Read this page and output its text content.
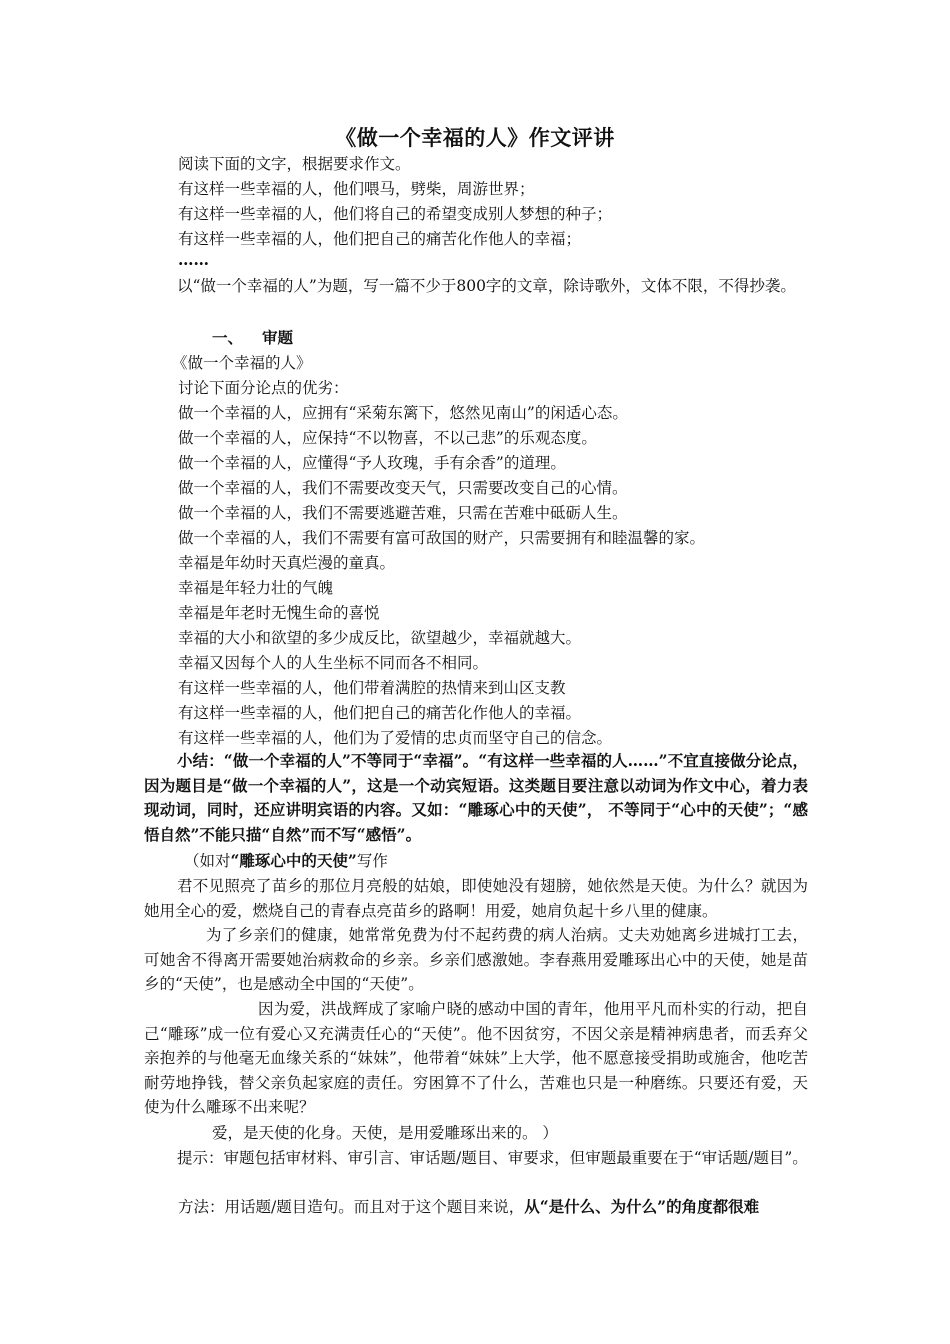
《做一个幸福的人》作文评讲
阅读下面的文字，根据要求作文。
有这样一些幸福的人，他们喂马，劈柴，周游世界；
有这样一些幸福的人，他们将自己的希望变成别人梦想的种子；
有这样一些幸福的人，他们把自己的痛苦化作他人的幸福；
……
以“做一个幸福的人”为题，写一篇不少于800字的文章，除诗歌外，文体不限，不得抄袭。
一、 审题
《做一个幸福的人》
讨论下面分论点的优劣：
做一个幸福的人，应拥有“采菊东篱下，悠然见南山”的闲适心态。
做一个幸福的人，应保持“不以物喜，不以己悲”的乐观态度。
做一个幸福的人，应懂得“予人玫瑰，手有余香”的道理。
做一个幸福的人，我们不需要改变天气，只需要改变自己的心情。
做一个幸福的人，我们不需要逃避苦难，只需在苦难中砥砺人生。
做一个幸福的人，我们不需要有富可敌国的财产，只需要拥有和睦温馨的家。
幸福是年幼时天真烂漫的童真。
幸福是年轻力壮的气魄
幸福是年老时无愧生命的喜悦
幸福的大小和欲望的多少成反比，欲望越少，幸福就越大。
幸福又因每个人的人生坐标不同而各不相同。
有这样一些幸福的人，他们带着满腔的热情来到山区支教
有这样一些幸福的人，他们把自己的痛苦化作他人的幸福。
有这样一些幸福的人，他们为了爱情的忠贞而坚守自己的信念。
小结：“做一个幸福的人”不等同于“幸福”。“有这样一些幸福的人……”不宜直接做分论点，因为题目是“做一个幸福的人”，这是一个动宾短语。这类题目要注意以动词为作文中心，着力表现动词，同时，还应讲明宾语的内容。又如：“雕琢心中的天使”， 不等同于“心中的天使”；“感悟自然”不能只描“自然”而不写“感悟”。
（如对“雕琢心中的天使”写作
君不见照亮了苗乡的那位月亮般的姑娘，即使她没有翅膀，她依然是天使。为什么？就因为她用全心的爱，燃烧自己的青春点亮苗乡的路啊！用爱，她肩负起十乡八里的健康。
为了乡亲们的健康，她常常免费为付不起药费的病人治病。丈夫劝她离乡进城打工去，可她舍不得离开需要她治病救命的乡亲。乡亲们感激她。李春燕用爱雕琢出心中的天使，她是苗乡的“天使”，也是感动全中国的“天使”。
因为爱，洪战辉成了家喻户晓的感动中国的青年，他用平凡而朴实的行动，把自己“雕琢”成一位有爱心又充满责任心的“天使”。他不因贫穷，不因父亲是精神病患者，而丢弃父亲抱养的与他毫无血缘关系的“妹妹”，他带着“妹妹”上大学，他不愿意接受捐助或施舍，他吃苦耐劳地挣钱，替父亲负起家庭的责任。穷困算不了什么，苦难也只是一种磨练。只要还有爱，天使为什么雕琢不出来呢？
爱，是天使的化身。天使，是用爱雕琢出来的。 ）
提示：审题包括审材料、审引言、审话题/题目、审要求，但审题最重要在于“审话题/题目”。
方法：用话题/题目造句。而且对于这个题目来说，从“是什么、为什么”的角度都很难
